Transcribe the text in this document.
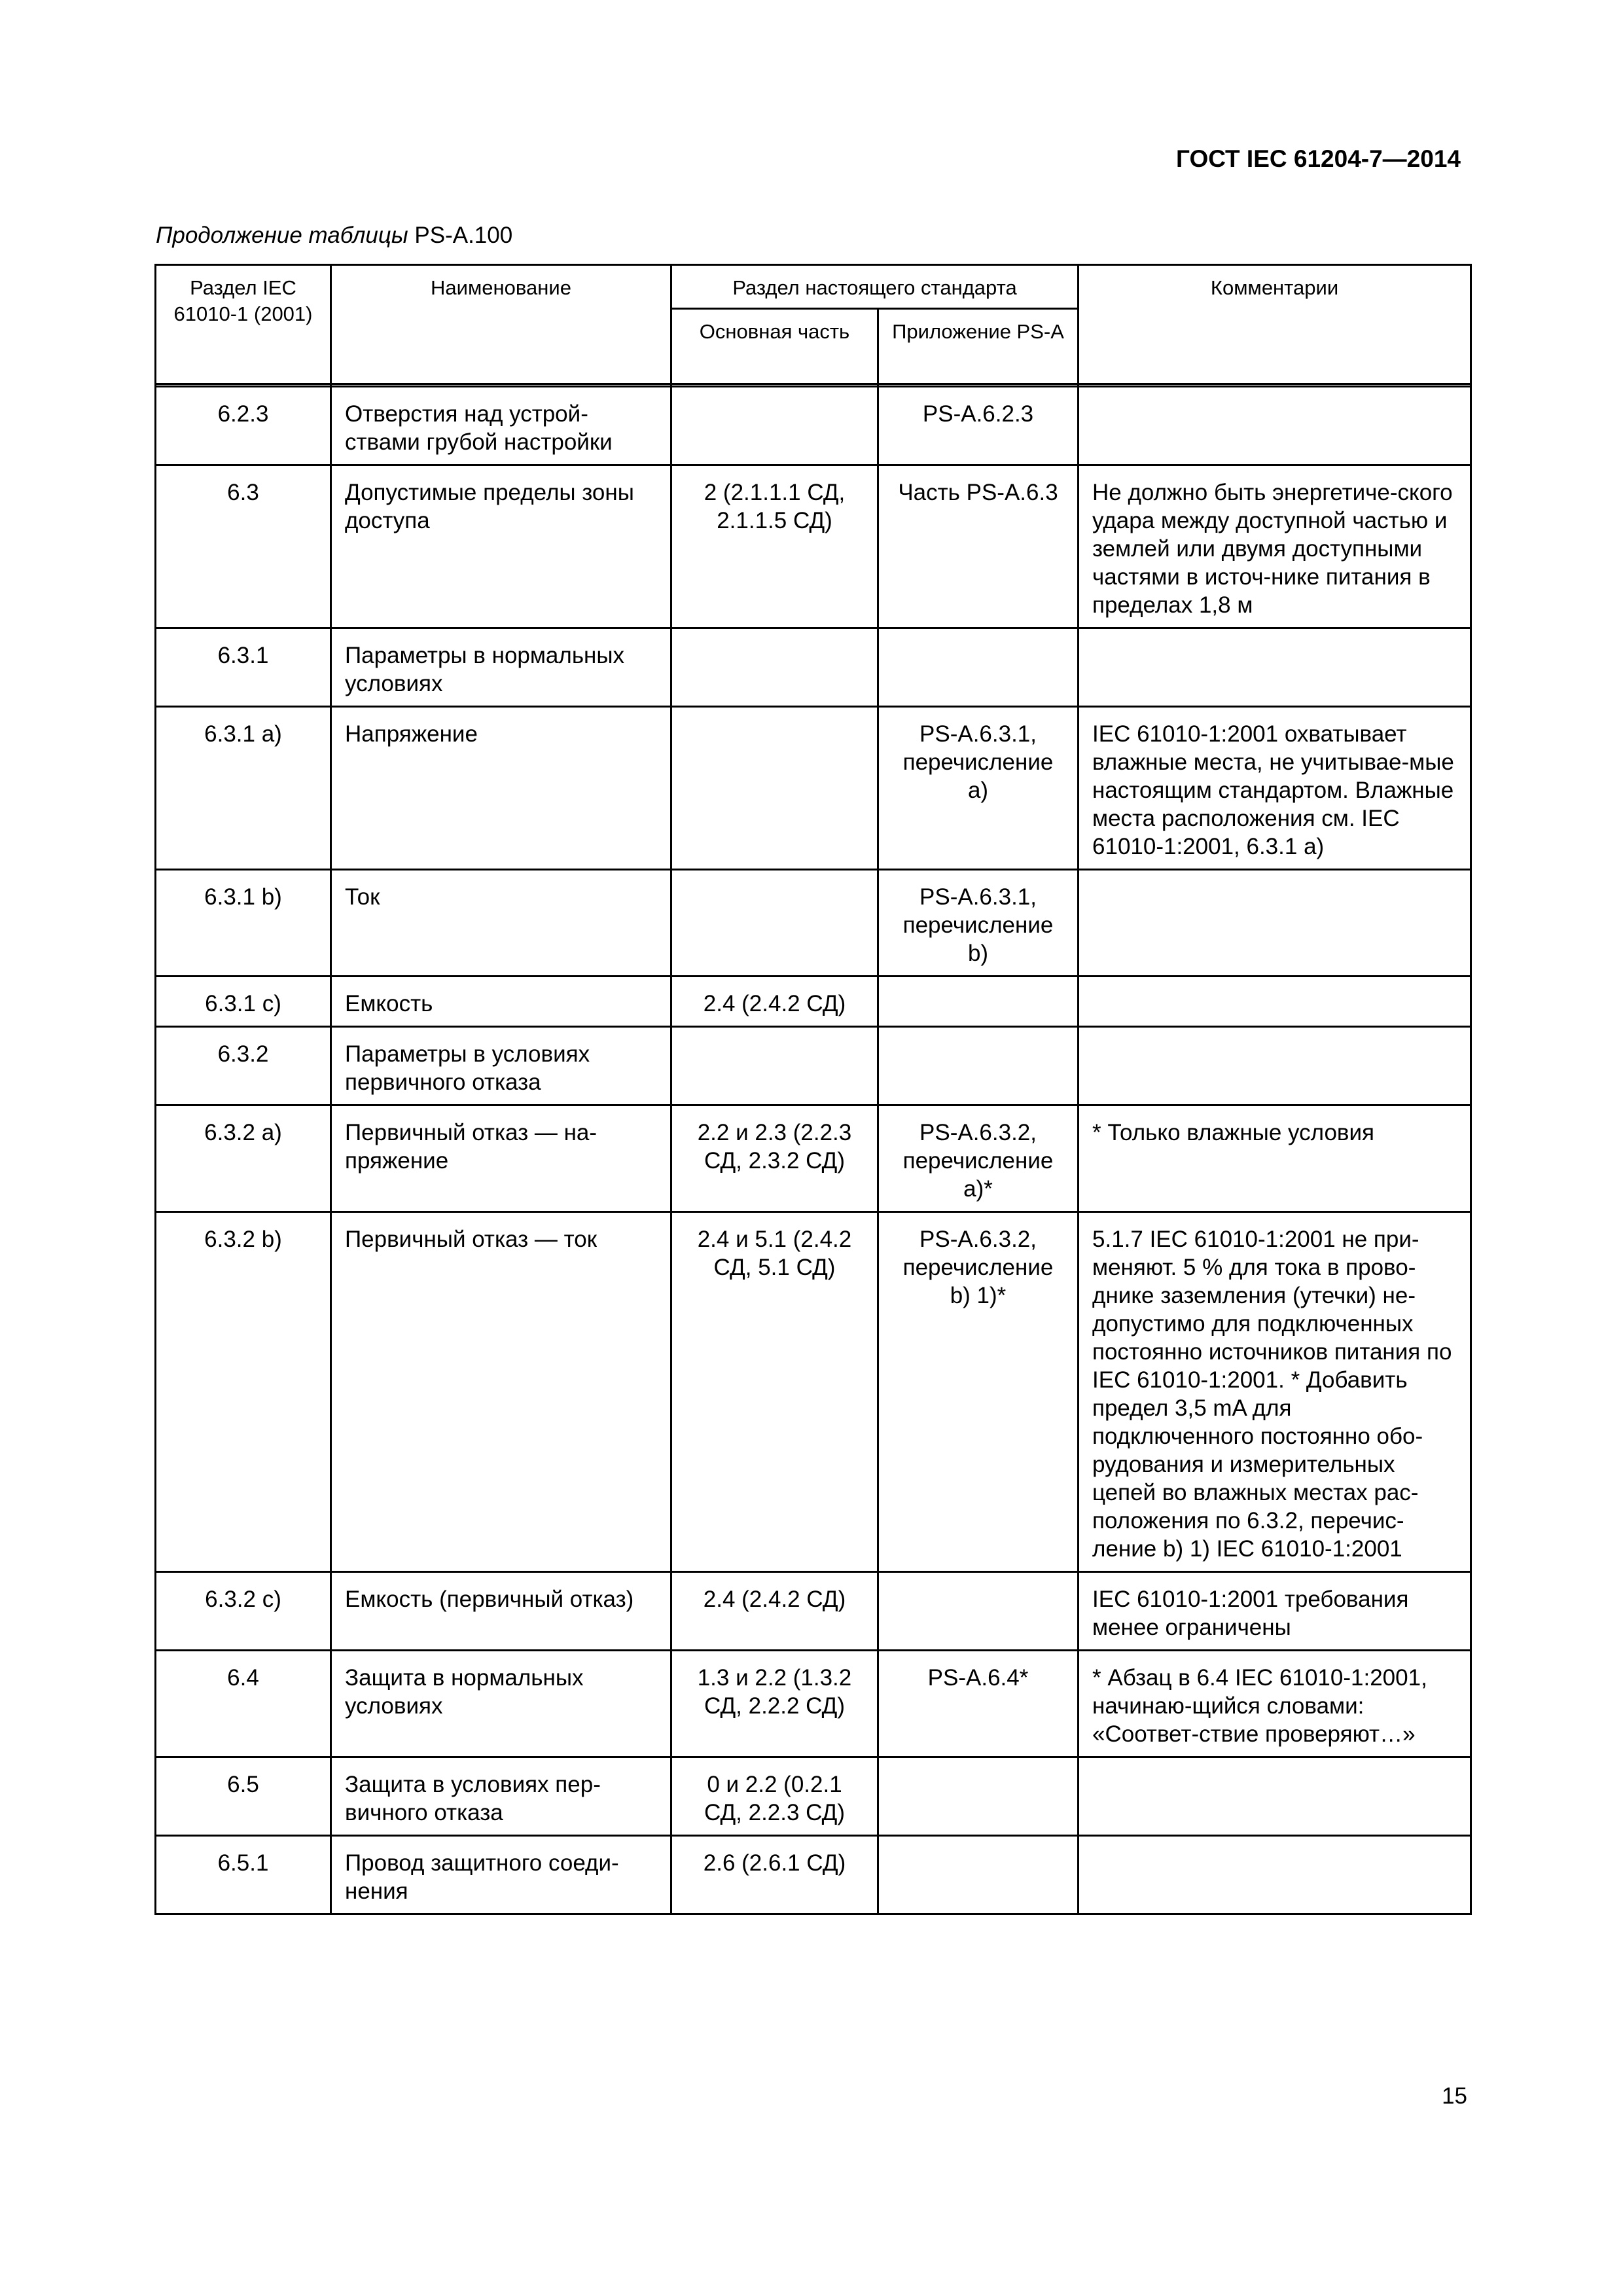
ГОСТ IEC 61204-7—2014
Продолжение таблицы PS-A.100
Раздел IEC 61010-1 (2001)	Наименование	Раздел настоящего стандарта		Комментарии
		Основная часть	Приложение PS-A	

6.2.3	Отверстия над устрой-ствами грубой настройки		PS-A.6.2.3	
6.3	Допустимые пределы зоны доступа	2 (2.1.1.1 СД, 2.1.1.5 СД)	Часть PS-A.6.3	Не должно быть энергетиче-ского удара между доступной частью и землей или двумя доступными частями в источ-нике питания в пределах 1,8 м
6.3.1	Параметры в нормальных условиях			
6.3.1 a)	Напряжение		PS-A.6.3.1, перечисление a)	IEC 61010-1:2001 охватывает влажные места, не учитывае-мые настоящим стандартом. Влажные места расположения см. IEC 61010-1:2001, 6.3.1 a)
6.3.1 b)	Ток		PS-A.6.3.1, перечисление b)	
6.3.1 c)	Емкость	2.4 (2.4.2 СД)		
6.3.2	Параметры в условиях первичного отказа			
6.3.2 a)	Первичный отказ — на-пряжение	2.2 и 2.3 (2.2.3 СД, 2.3.2 СД)	PS-A.6.3.2, перечисление a)*	* Только влажные условия
6.3.2 b)	Первичный отказ — ток	2.4 и 5.1 (2.4.2 СД, 5.1 СД)	PS-A.6.3.2, перечисление b) 1)*	5.1.7 IEC 61010-1:2001 не при-меняют. 5 % для тока в прово-днике заземления (утечки) не-допустимо для подключенных постоянно источников питания по IEC 61010-1:2001. * Добавить предел 3,5 mA для подключенного постоянно обо-рудования и измерительных цепей во влажных местах рас-положения по 6.3.2, перечис-ление b) 1) IEC 61010-1:2001
6.3.2 c)	Емкость (первичный отказ)	2.4 (2.4.2 СД)		IEC 61010-1:2001 требования менее ограничены
6.4	Защита в нормальных условиях	1.3 и 2.2 (1.3.2 СД, 2.2.2 СД)	PS-A.6.4*	* Абзац в 6.4 IEC 61010-1:2001, начинаю-щийся словами: «Соответ-ствие проверяют…»
6.5	Защита в условиях пер-вичного отказа	0 и 2.2 (0.2.1 СД, 2.2.3 СД)		
6.5.1	Провод защитного соеди-нения	2.6 (2.6.1 СД)		
15
